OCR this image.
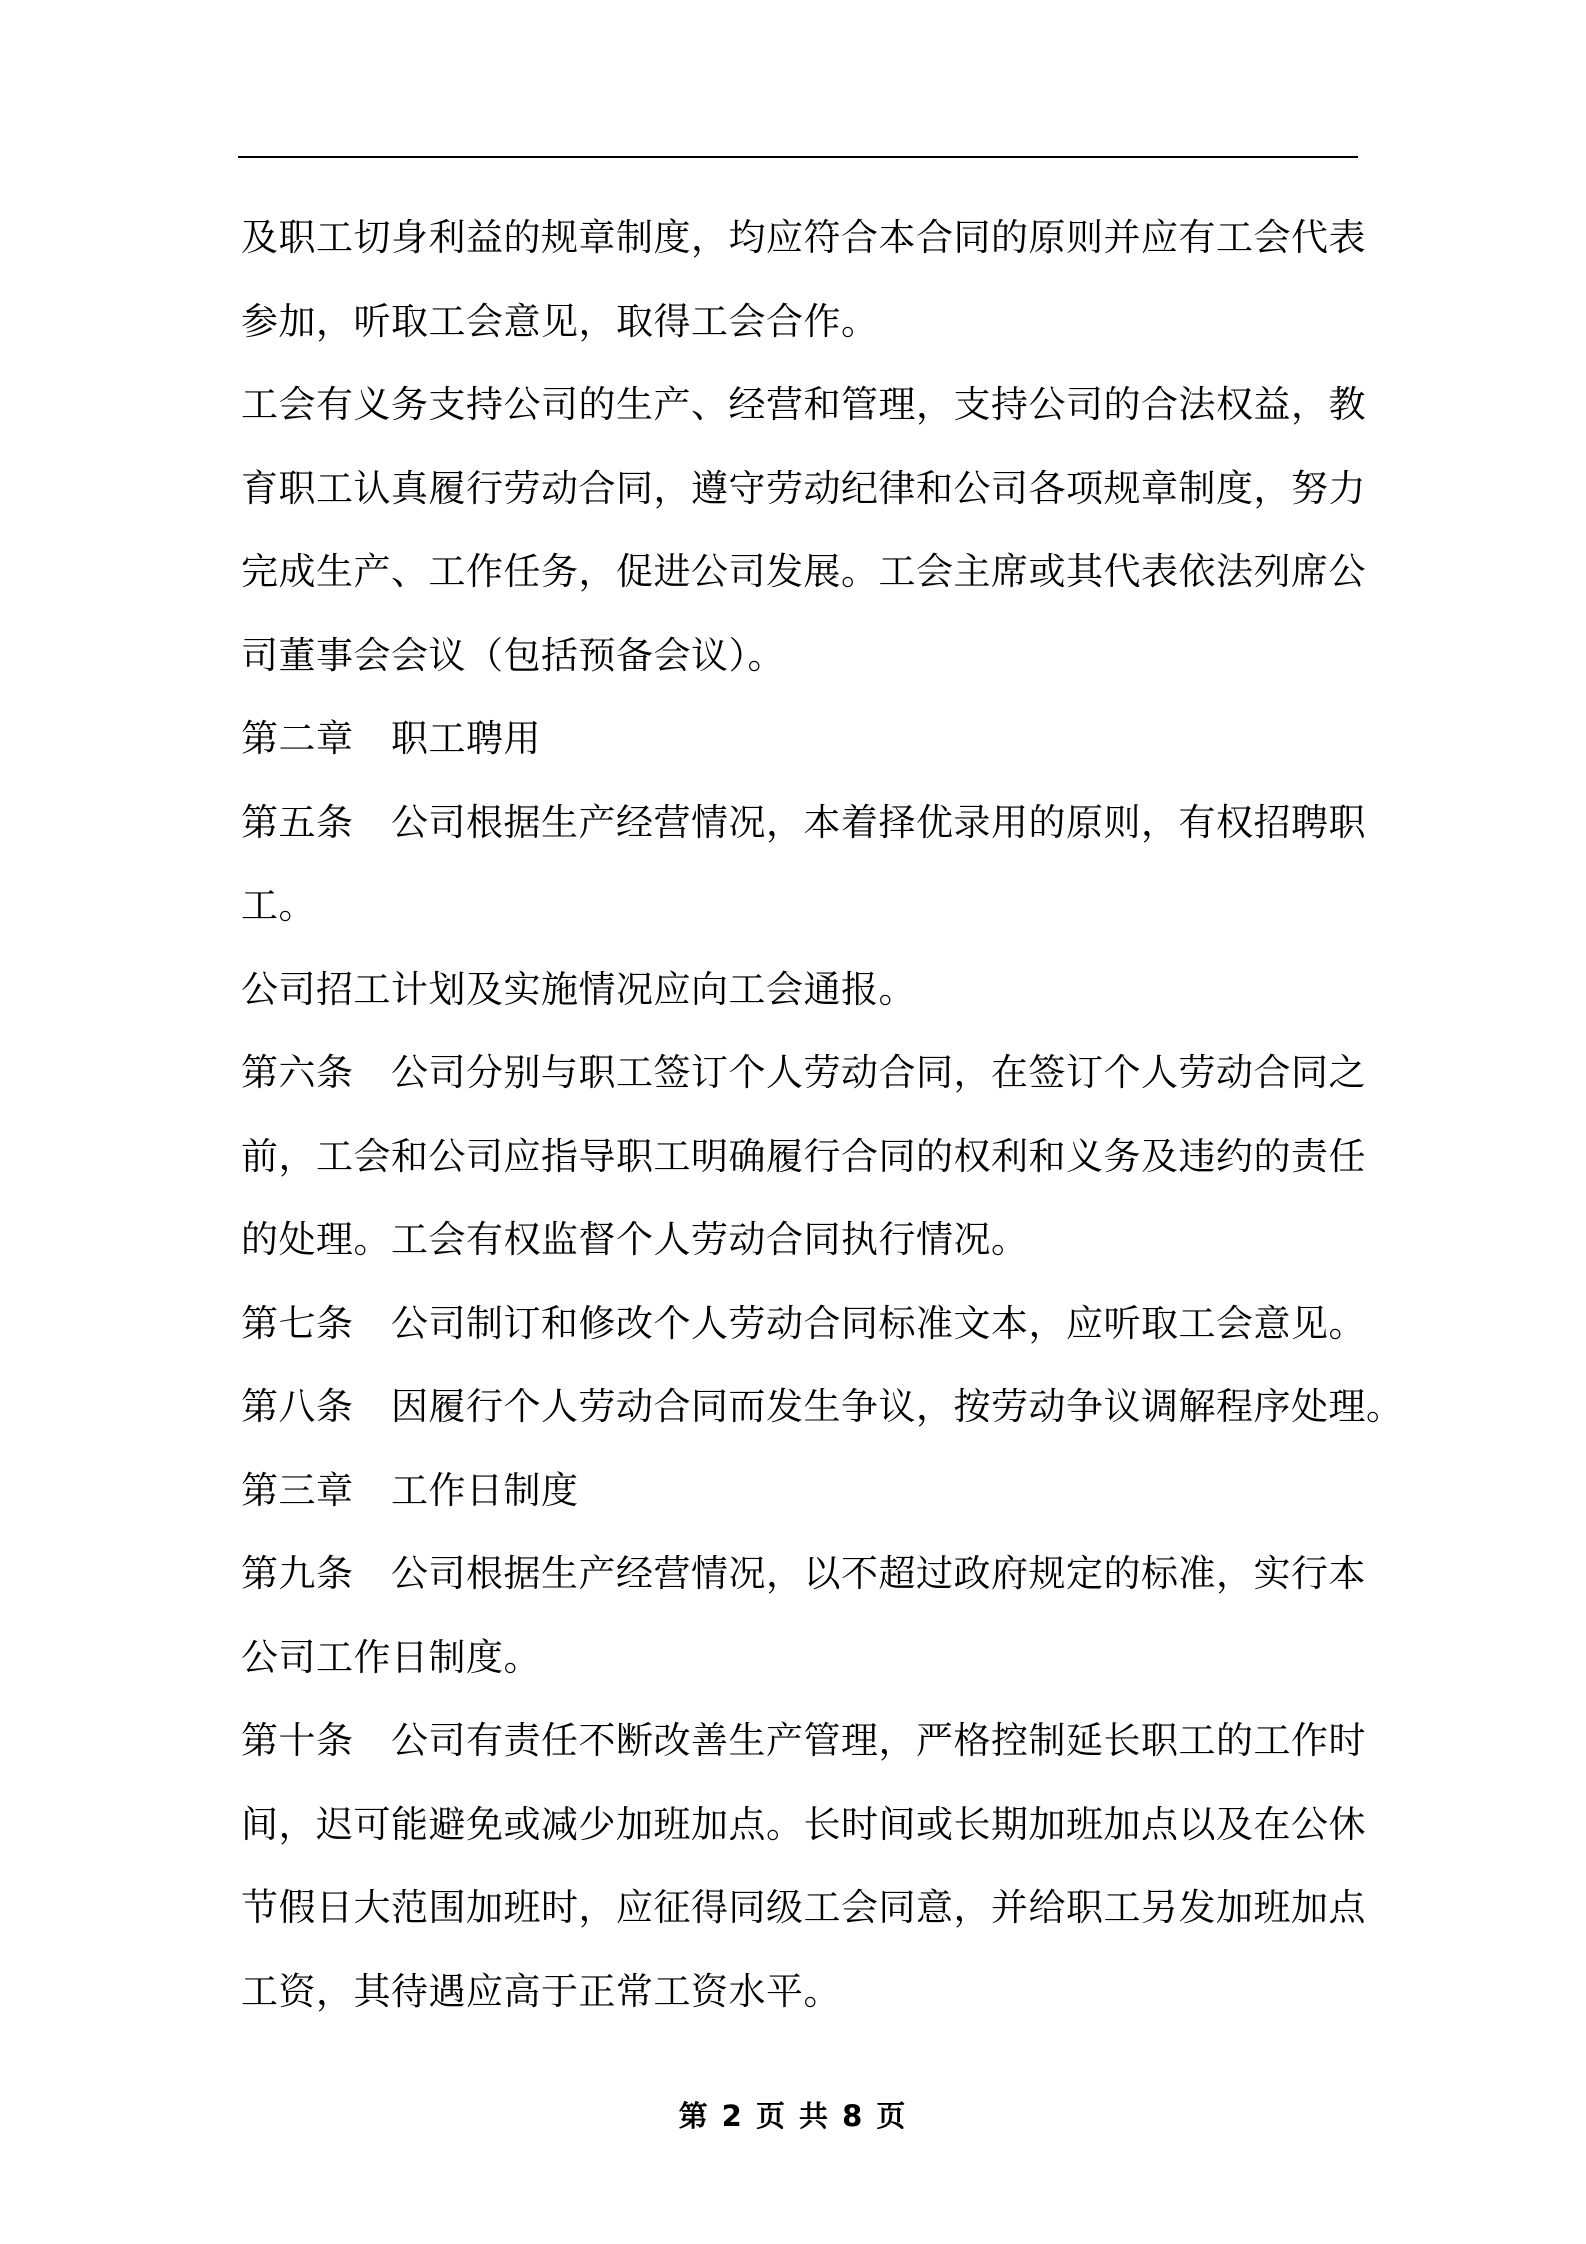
及职工切身利益的规章制度，均应符合本合同的原则并应有工会代表
参加，听取工会意见，取得工会合作。
工会有义务支持公司的生产、经营和管理，支持公司的合法权益，教
育职工认真履行劳动合同，遵守劳动纪律和公司各项规章制度，努力
完成生产、工作任务，促进公司发展。工会主席或其代表依法列席公
司董事会会议（包括预备会议）。
第二章　职工聘用
第五条　公司根据生产经营情况，本着择优录用的原则，有权招聘职
工。
公司招工计划及实施情况应向工会通报。
第六条　公司分别与职工签订个人劳动合同，在签订个人劳动合同之
前，工会和公司应指导职工明确履行合同的权利和义务及违约的责任
的处理。工会有权监督个人劳动合同执行情况。
第七条　公司制订和修改个人劳动合同标准文本，应听取工会意见。
第八条　因履行个人劳动合同而发生争议，按劳动争议调解程序处理。
第三章　工作日制度
第九条　公司根据生产经营情况，以不超过政府规定的标准，实行本
公司工作日制度。
第十条　公司有责任不断改善生产管理，严格控制延长职工的工作时
间，迟可能避免或减少加班加点。长时间或长期加班加点以及在公休
节假日大范围加班时，应征得同级工会同意，并给职工另发加班加点
工资，其待遇应高于正常工资水平。
第 2 页 共 8 页
